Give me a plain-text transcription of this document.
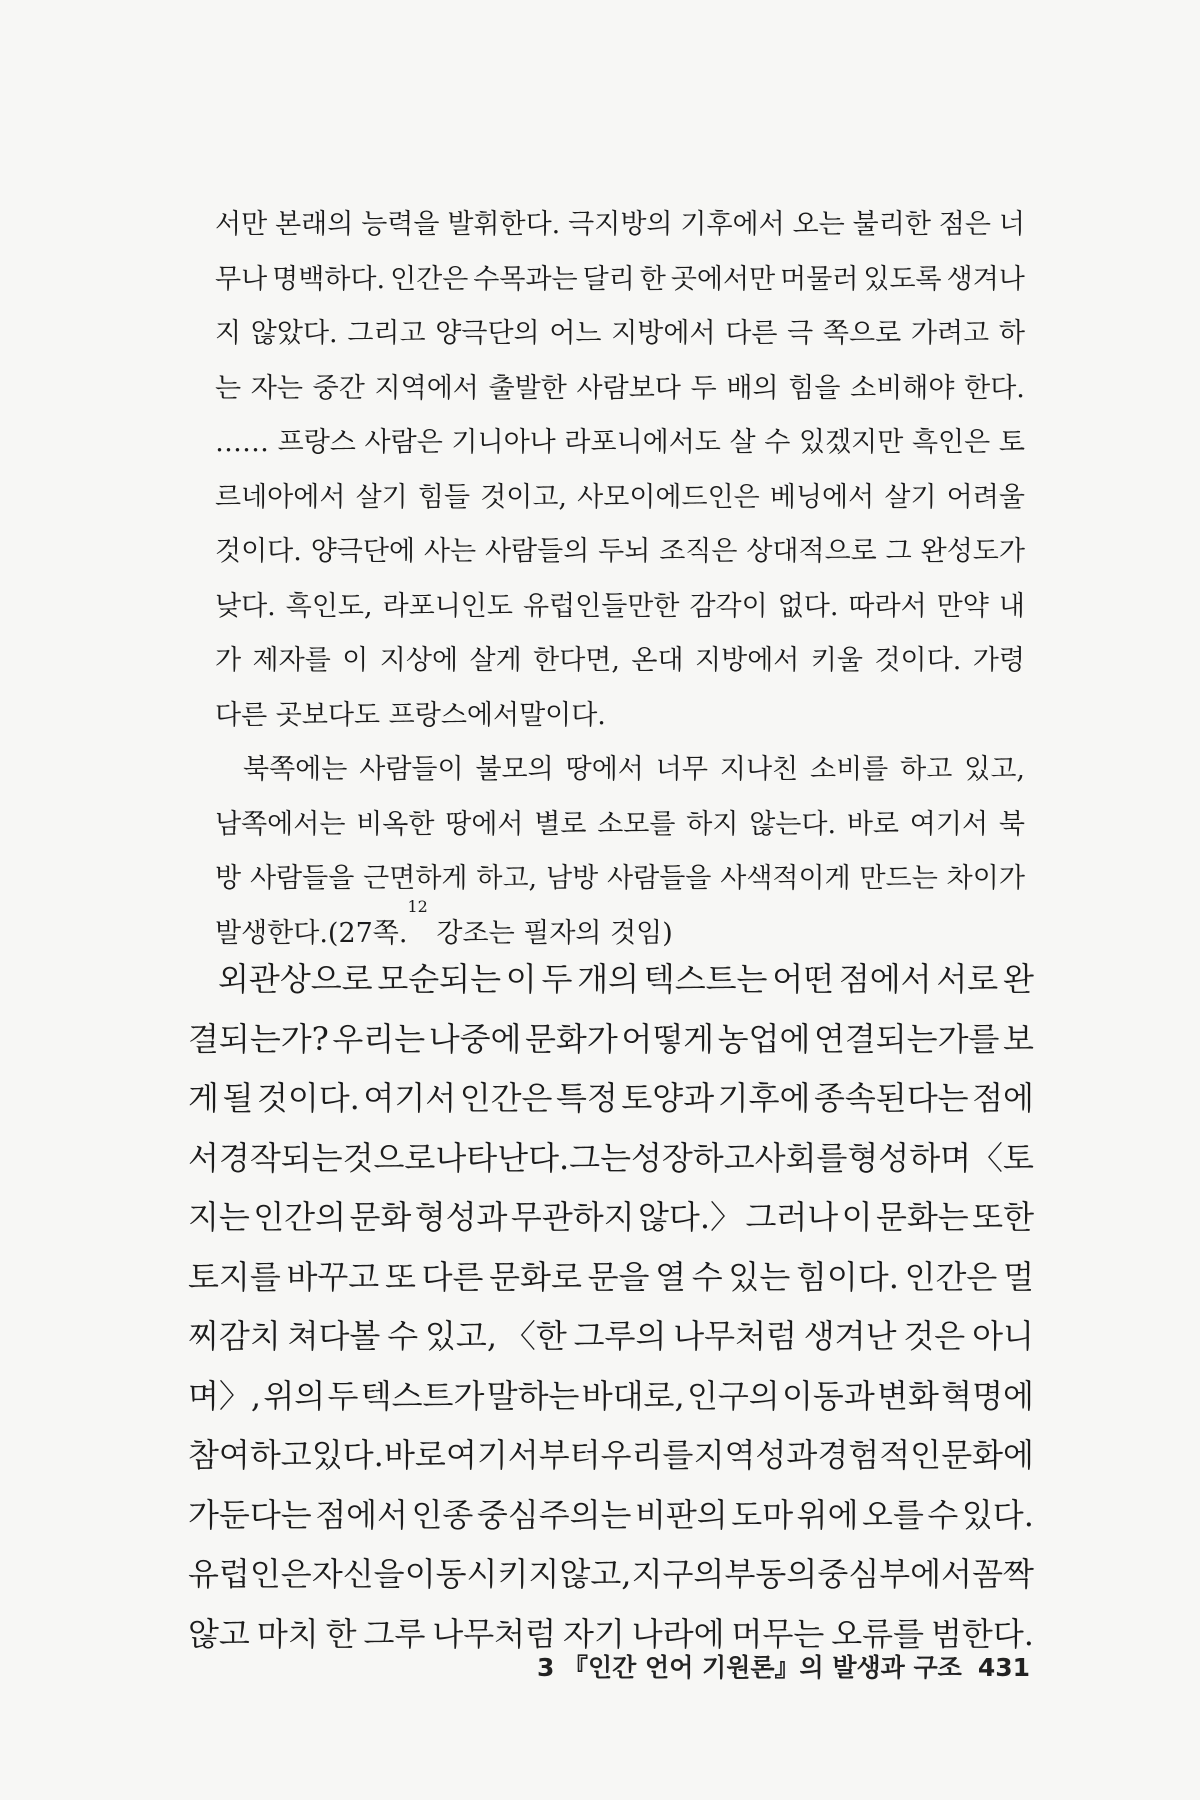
서만 본래의 능력을 발휘한다. 극지방의 기후에서 오는 불리한 점은 너
무나 명백하다. 인간은 수목과는 달리 한 곳에서만 머물러 있도록 생겨나
지 않았다. 그리고 양극단의 어느 지방에서 다른 극 쪽으로 가려고 하
는 자는 중간 지역에서 출발한 사람보다 두 배의 힘을 소비해야 한다.
…… 프랑스 사람은 기니아나 라포니에서도 살 수 있겠지만 흑인은 토
르네아에서 살기 힘들 것이고, 사모이에드인은 베닝에서 살기 어려울
것이다. 양극단에 사는 사람들의 두뇌 조직은 상대적으로 그 완성도가
낮다. 흑인도, 라포니인도 유럽인들만한 감각이 없다. 따라서 만약 내
가 제자를 이 지상에 살게 한다면, 온대 지방에서 키울 것이다. 가령
다른 곳보다도 프랑스에서말이다.
북쪽에는 사람들이 불모의 땅에서 너무 지나친 소비를 하고 있고,
남쪽에서는 비옥한 땅에서 별로 소모를 하지 않는다. 바로 여기서 북
방 사람들을 근면하게 하고, 남방 사람들을 사색적이게 만드는 차이가
발생한다.(27쪽.
12
강조는 필자의 것임)
외관상으로 모순되는 이 두 개의 텍스트는 어떤 점에서 서로 완
결되는가? 우리는 나중에 문화가 어떻게 농업에 연결되는가를 보
게 될 것이다. 여기서 인간은 특정 토양과 기후에 종속된다는 점에
서 경작되는 것으로 나타난다. 그는 성장하고 사회를 형성하며 〈토
지는 인간의 문화 형성과 무관하지 않다.〉 그러나 이 문화는 또한
토지를 바꾸고 또 다른 문화로 문을 열 수 있는 힘이다. 인간은 멀
찌감치 쳐다볼 수 있고, 〈한 그루의 나무처럼 생겨난 것은 아니
며〉, 위의 두 텍스트가 말하는 바대로, 인구의 이동과 변화 혁명에
참여하고 있다. 바로 여기서부터 우리를 지역성과 경험적인 문화에
가둔다는 점에서 인종 중심주의는 비판의 도마 위에 오를 수 있다.
유럽인은 자신을 이동시키지 않고, 지구의 부동의 중심부에서 꼼짝
않고 마치 한 그루 나무처럼 자기 나라에 머무는 오류를 범한다.
3 『인간 언어 기원론』의 발생과 구조 431
